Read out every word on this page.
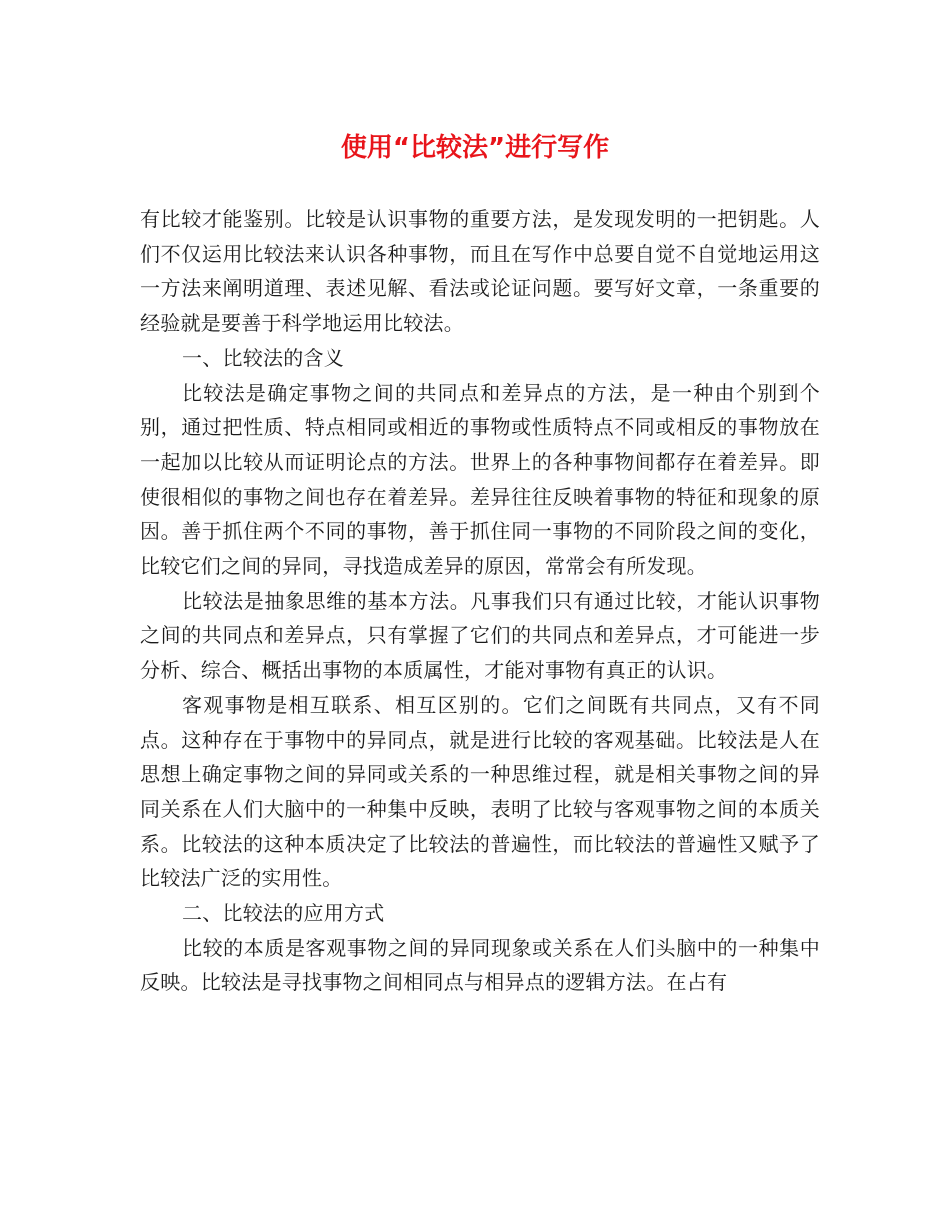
使用“比较法”进行写作

有比较才能鉴别。比较是认识事物的重要方法，是发现发明的一把钥匙。人们不仅运用比较法来认识各种事物，而且在写作中总要自觉不自觉地运用这一方法来阐明道理、表述见解、看法或论证问题。要写好文章，一条重要的经验就是要善于科学地运用比较法。

一、比较法的含义

比较法是确定事物之间的共同点和差异点的方法，是一种由个别到个别，通过把性质、特点相同或相近的事物或性质特点不同或相反的事物放在一起加以比较从而证明论点的方法。世界上的各种事物间都存在着差异。即使很相似的事物之间也存在着差异。差异往往反映着事物的特征和现象的原因。善于抓住两个不同的事物，善于抓住同一事物的不同阶段之间的变化，比较它们之间的异同，寻找造成差异的原因，常常会有所发现。

比较法是抽象思维的基本方法。凡事我们只有通过比较，才能认识事物之间的共同点和差异点，只有掌握了它们的共同点和差异点，才可能进一步分析、综合、概括出事物的本质属性，才能对事物有真正的认识。

客观事物是相互联系、相互区别的。它们之间既有共同点，又有不同点。这种存在于事物中的异同点，就是进行比较的客观基础。比较法是人在思想上确定事物之间的异同或关系的一种思维过程，就是相关事物之间的异同关系在人们大脑中的一种集中反映，表明了比较与客观事物之间的本质关系。比较法的这种本质决定了比较法的普遍性，而比较法的普遍性又赋予了比较法广泛的实用性。

二、比较法的应用方式

比较的本质是客观事物之间的异同现象或关系在人们头脑中的一种集中反映。比较法是寻找事物之间相同点与相异点的逻辑方法。在占有
